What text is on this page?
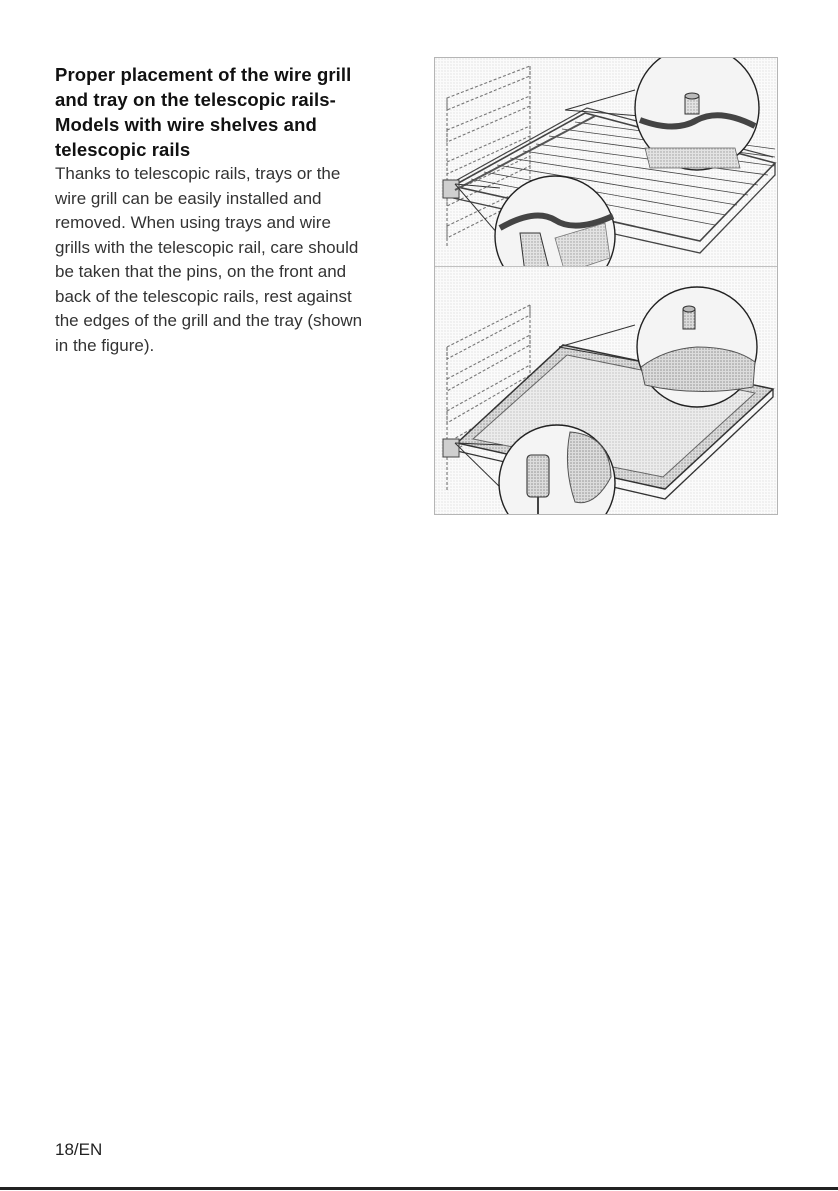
Proper placement of the wire grill
and tray on the telescopic rails-
Models with wire shelves and
telescopic rails

Thanks to telescopic rails, trays or the
wire grill can be easily installed and
removed. When using trays and wire
grills with the telescopic rail, care should
be taken that the pins, on the front and
back of the telescopic rails, rest against
the edges of the grill and the tray (shown
in the figure).

18/EN
